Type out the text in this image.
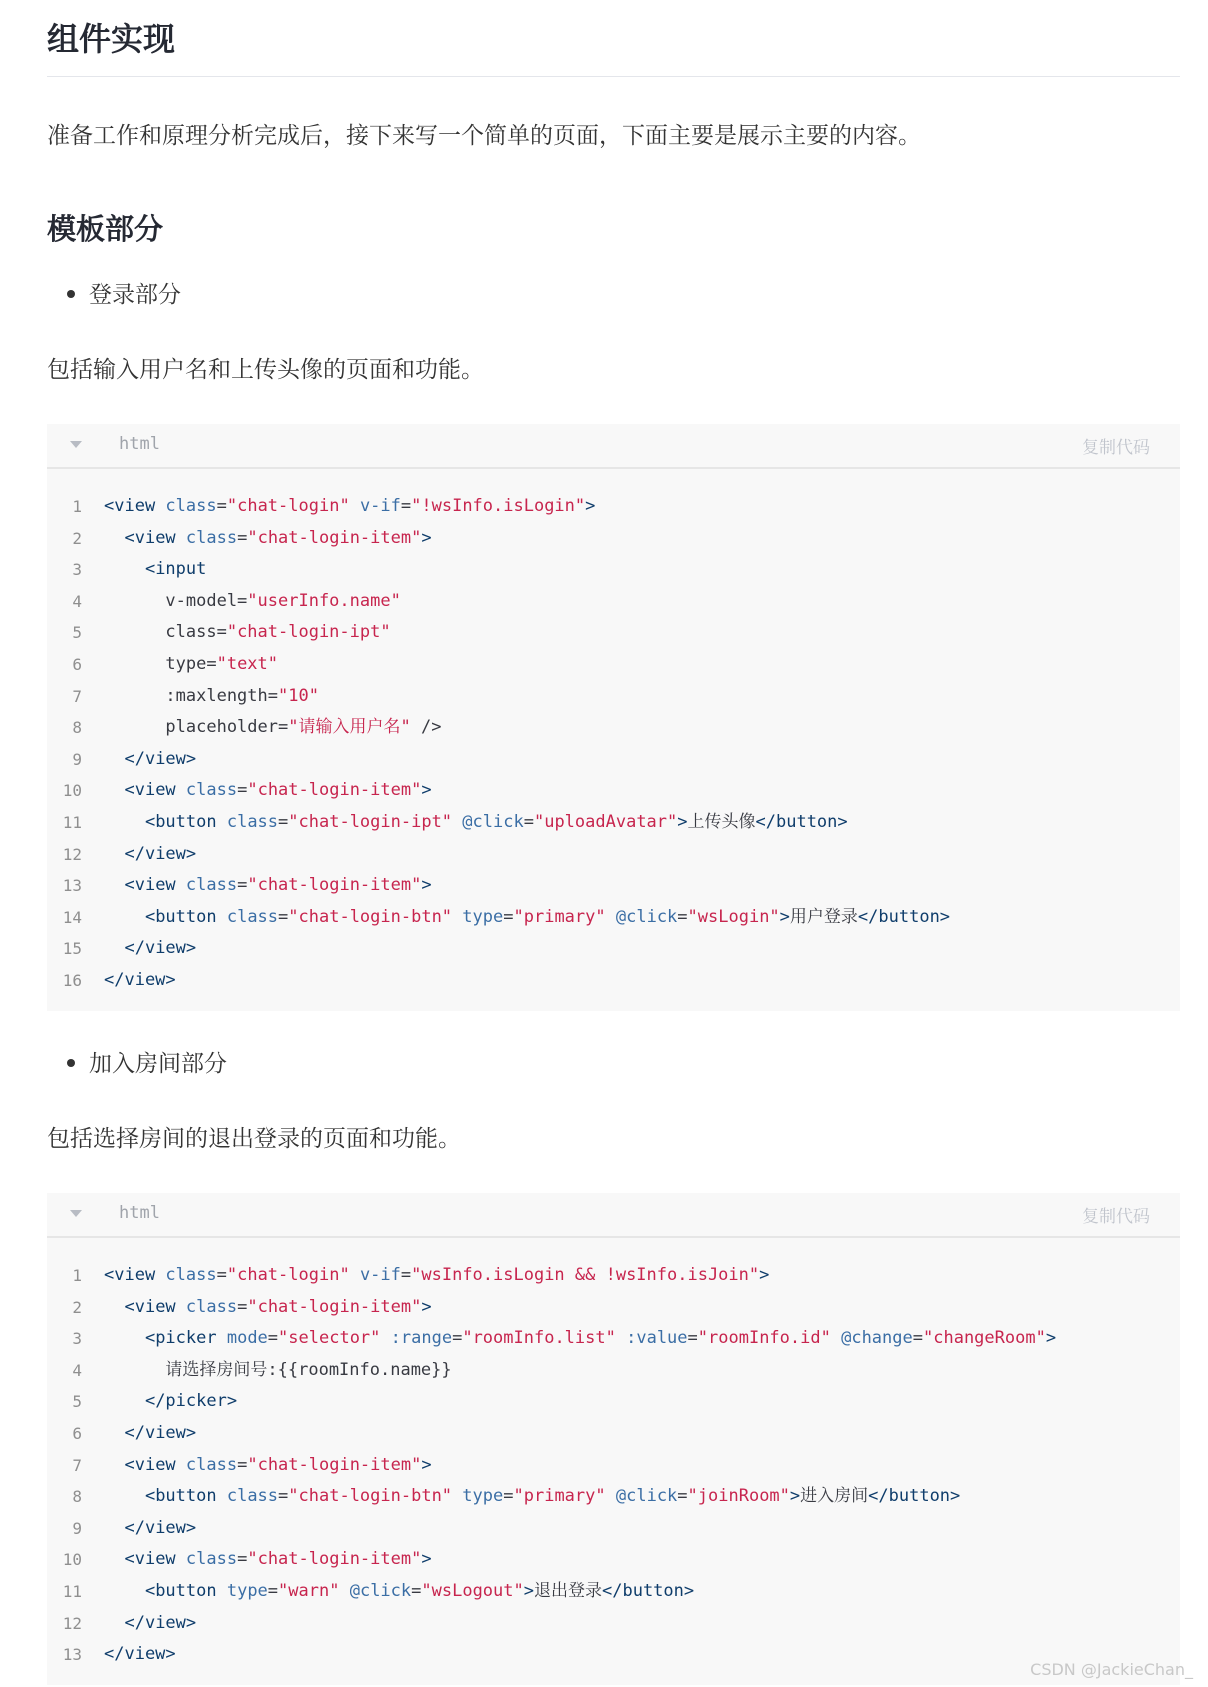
组件实现

准备工作和原理分析完成后，接下来写一个简单的页面，下面主要是展示主要的内容。

模板部分
登录部分

包括输入用户名和上传头像的页面和功能。

html	复制代码
1 <view class="chat-login" v-if="!wsInfo.isLogin">
2	<view class="chat-login-item">
3	<input
4 v-model="userInfo.name"
5 class="chat-login-ipt"
6 type="text"
7 :maxlength="10"
8 placeholder="请输入用户名" />
9	</view>
10	<view class="chat-login-item">
11	<button class="chat-login-ipt" @click="uploadAvatar">上传头像</button>
12	</view>
13	<view class="chat-login-item">
14	<button class="chat-login-btn" type="primary" @click="wsLogin">用户登录</button>
15	</view>
16 </view>
加入房间部分

包括选择房间的退出登录的页面和功能。

html	复制代码
1 <view class="chat-login" v-if="wsInfo.isLogin && !wsInfo.isJoin">
2	<view class="chat-login-item">
3	<picker mode="selector" :range="roomInfo.list" :value="roomInfo.id" @change="changeRoom">
4 请选择房间号:{{roomInfo.name}}
5	</picker>
6	</view>
7	<view class="chat-login-item">
8	<button class="chat-login-btn" type="primary" @click="joinRoom">进入房间</button>
9	</view>
10	<view class="chat-login-item">
11	<button type="warn" @click="wsLogout">退出登录</button>
12	</view>
13 </view>
CSDN @JackieChan_
